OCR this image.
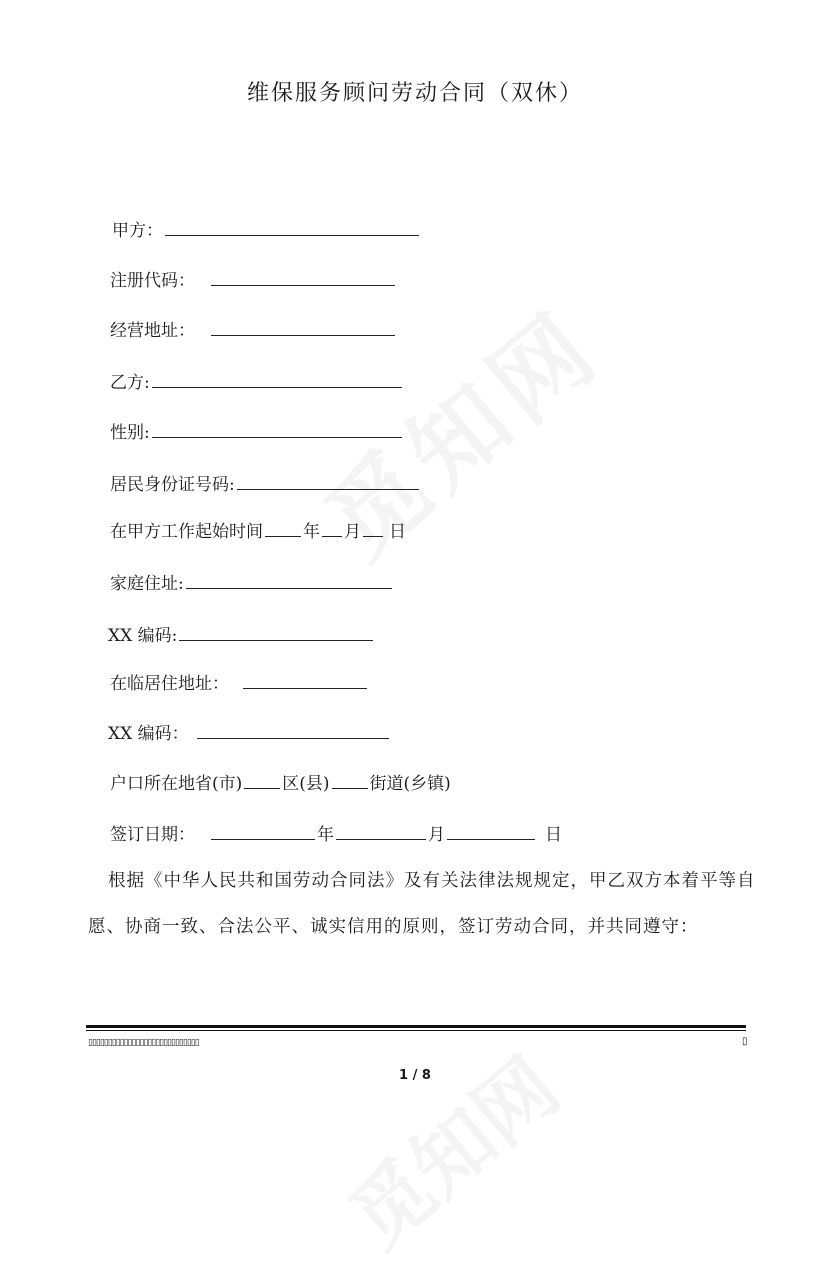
维保服务顾问劳动合同（双休）
甲方：
注册代码：
经营地址：
乙方:
性别:
居民身份证号码:
在甲方工作起始时间 年 月 日
家庭住址:
XX 编码:
在临居住地址：
XX 编码：
户口所在地省(市) 区(县) 街道(乡镇)
签订日期：	年	月	日
根据《中华人民共和国劳动合同法》及有关法律法规规定，甲乙双方本着平等自愿、协商一致、合法公平、诚实信用的原则，签订劳动合同，并共同遵守：
▯▯▯▯▯▯▯▯▯▯▯▯▯▯▯▯▯▯▯▯▯▯▯▯▯▯▯▯	▯
1 / 8
